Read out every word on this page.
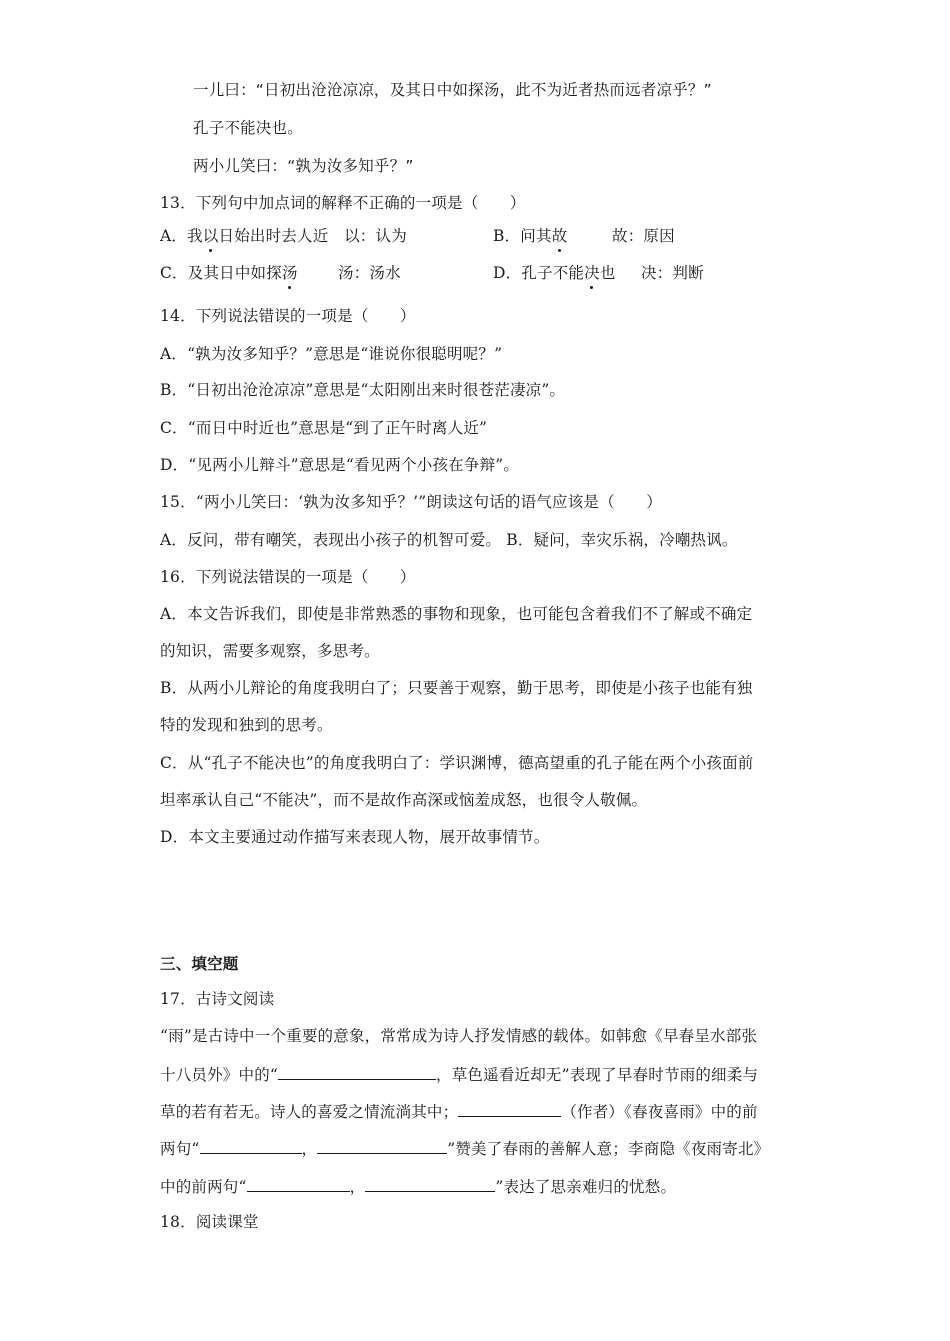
一儿曰：“日初出沧沧凉凉，及其日中如探汤，此不为近者热而远者凉乎？”
孔子不能决也。
两小儿笑曰：“孰为汝多知乎？”
13．下列句中加点词的解释不正确的一项是（　　）
A．我以日始出时去人近　以：认为	B．问其故	故：原因
C．及其日中如探汤	汤：汤水	D．孔子不能决也 决：判断
14．下列说法错误的一项是（　　）
A．“孰为汝多知乎？”意思是“谁说你很聪明呢？”
B．“日初出沧沧凉凉”意思是“太阳刚出来时很苍茫凄凉”。
C．“而日中时近也”意思是“到了正午时离人近”
D．“见两小儿辩斗”意思是“看见两个小孩在争辩”。
15．“两小儿笑曰：‘孰为汝多知乎？’”朗读这句话的语气应该是（　　）
A．反问，带有嘲笑，表现出小孩子的机智可爱。 B．疑问，幸灾乐祸，冷嘲热讽。
16．下列说法错误的一项是（　　）
A．本文告诉我们，即使是非常熟悉的事物和现象，也可能包含着我们不了解或不确定
的知识，需要多观察，多思考。
B．从两小儿辩论的角度我明白了；只要善于观察，勤于思考，即使是小孩子也能有独
特的发现和独到的思考。
C．从“孔子不能决也”的角度我明白了：学识渊博，德高望重的孔子能在两个小孩面前
坦率承认自己“不能决”，而不是故作高深或恼羞成怒，也很令人敬佩。
D．本文主要通过动作描写来表现人物，展开故事情节。
三、填空题
17．古诗文阅读
“雨”是古诗中一个重要的意象，常常成为诗人抒发情感的载体。如韩愈《早春呈水部张
十八员外》中的“	，草色遥看近却无”表现了早春时节雨的细柔与
草的若有若无。诗人的喜爱之情流淌其中；	（作者）《春夜喜雨》中的前
两句“	，	”赞美了春雨的善解人意；李商隐《夜雨寄北》
中的前两句“	，	”表达了思亲难归的忧愁。
18．阅读课堂
